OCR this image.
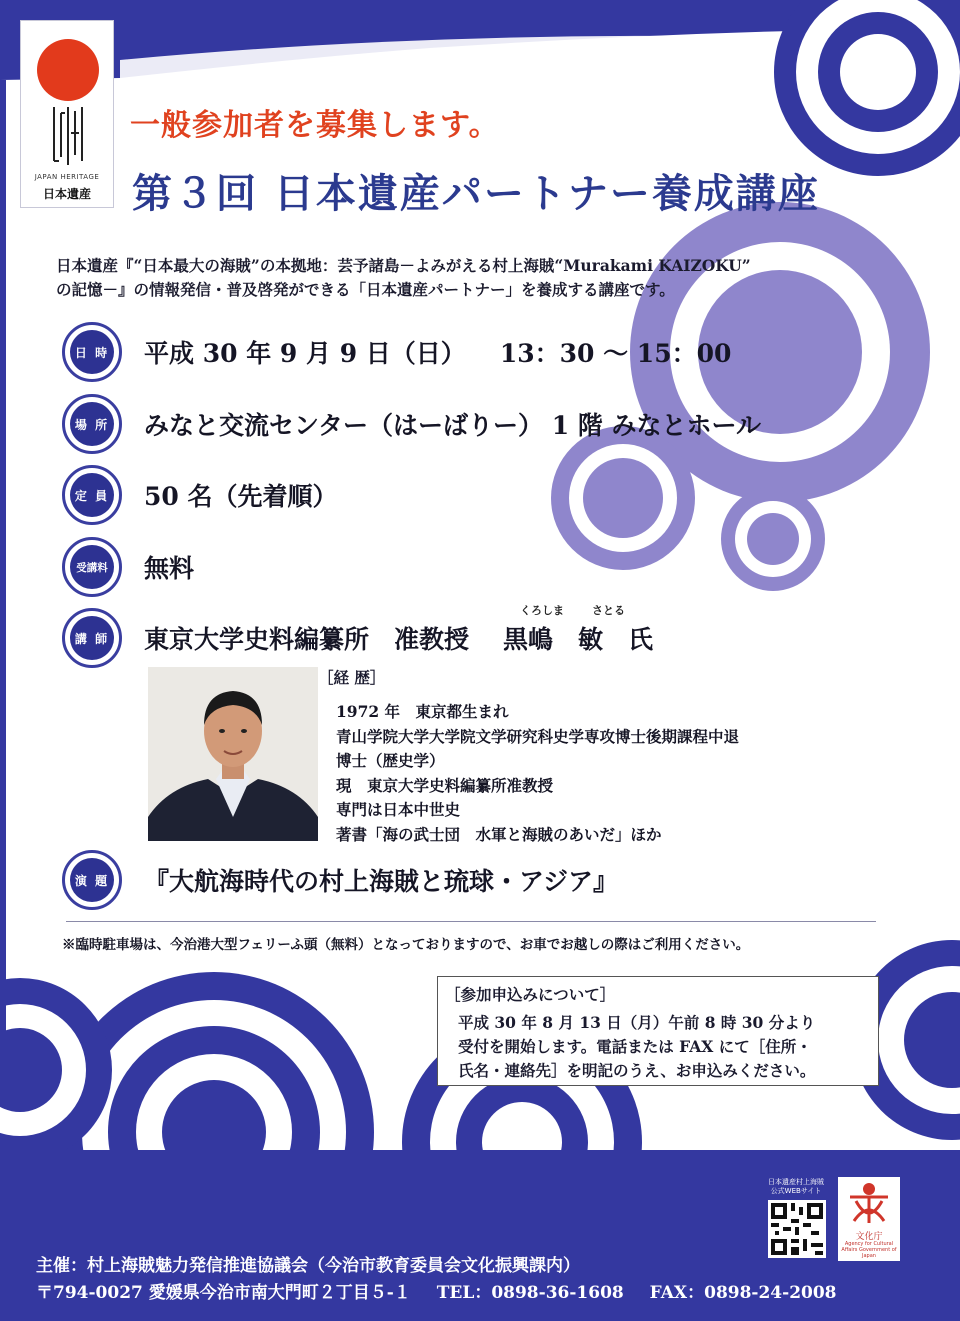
JAPAN HERITAGE
日本遺産
一般参加者を募集します。
第３回 日本遺産パートナー養成講座
日本遺産『“日本最大の海賊”の本拠地：芸予諸島－よみがえる村上海賊“Murakami KAIZOKU”
の記憶－』の情報発信・普及啓発ができる「日本遺産パートナー」を養成する講座です。
日 時 平成 30 年 9 月 9 日（日） 13：30 ～ 15：00
場 所 みなと交流センター（はーばりー） 1 階 みなとホール
定 員 50 名（先着順）
受講料 無料
くろしま	さとる
講 師 東京大学史料編纂所　准教授 黒嶋　敏　氏
［経 歴］
1972 年　東京都生まれ
青山学院大学大学院文学研究科史学専攻博士後期課程中退
博士（歴史学）
現　東京大学史料編纂所准教授
専門は日本中世史
著書「海の武士団　水軍と海賊のあいだ」ほか
演 題 『大航海時代の村上海賊と琉球・アジア』
※臨時駐車場は、今治港大型フェリーふ頭（無料）となっておりますので、お車でお越しの際はご利用ください。
［参加申込みについて］
平成 30 年 8 月 13 日（月）午前 8 時 30 分より
受付を開始します。電話または FAX にて［住所・
氏名・連絡先］を明記のうえ、お申込みください。
日本遺産村上海賊
公式WEBサイト
文化庁
Agency for Cultural Affairs Government of Japan
主催：村上海賊魅力発信推進協議会（今治市教育委員会文化振興課内）
〒794-0027 愛媛県今治市南大門町２丁目５-１ TEL：0898-36-1608 FAX：0898-24-2008
